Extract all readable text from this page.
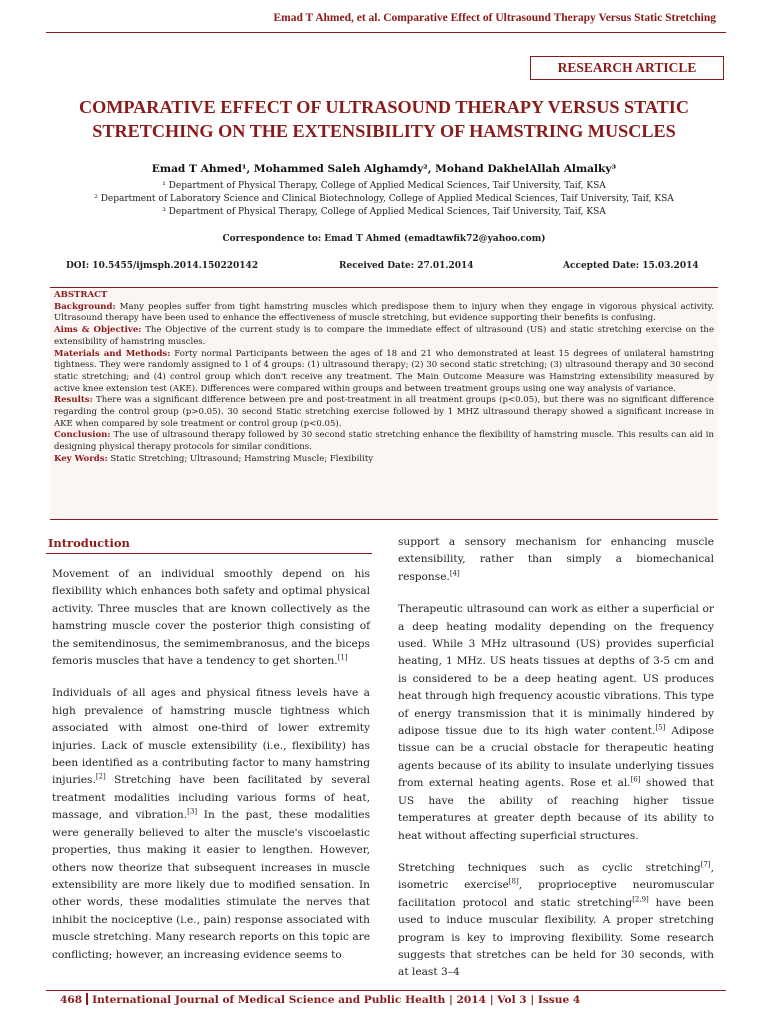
Emad T Ahmed, et al. Comparative Effect of Ultrasound Therapy Versus Static Stretching
RESEARCH ARTICLE
COMPARATIVE EFFECT OF ULTRASOUND THERAPY VERSUS STATIC
STRETCHING ON THE EXTENSIBILITY OF HAMSTRING MUSCLES
Emad T Ahmed¹, Mohammed Saleh Alghamdy², Mohand DakhelAllah Almalky³
¹ Department of Physical Therapy, College of Applied Medical Sciences, Taif University, Taif, KSA
² Department of Laboratory Science and Clinical Biotechnology, College of Applied Medical Sciences, Taif University, Taif, KSA
³ Department of Physical Therapy, College of Applied Medical Sciences, Taif University, Taif, KSA
Correspondence to: Emad T Ahmed (emadtawfik72@yahoo.com)
DOI: 10.5455/ijmsph.2014.150220142	Received Date: 27.01.2014	Accepted Date: 15.03.2014

ABSTRACT

Background: Many peoples suffer from tight hamstring muscles which predispose them to injury when they engage in vigorous physical activity. Ultrasound therapy have been used to enhance the effectiveness of muscle stretching, but evidence supporting their benefits is confusing.

Aims & Objective: The Objective of the current study is to compare the immediate effect of ultrasound (US) and static stretching exercise on the extensibility of hamstring muscles.

Materials and Methods: Forty normal Participants between the ages of 18 and 21 who demonstrated at least 15 degrees of unilateral hamstring tightness. They were randomly assigned to 1 of 4 groups: (1) ultrasound therapy; (2) 30 second static stretching; (3) ultrasound therapy and 30 second static stretching; and (4) control group which don't receive any treatment. The Main Outcome Measure was Hamstring extensibility measured by active knee extension test (AKE). Differences were compared within groups and between treatment groups using one way analysis of variance.

Results: There was a significant difference between pre and post-treatment in all treatment groups (p<0.05), but there was no significant difference regarding the control group (p>0.05). 30 second Static stretching exercise followed by 1 MHZ ultrasound therapy showed a significant increase in AKE when compared by sole treatment or control group (p<0.05).

Conclusion: The use of ultrasound therapy followed by 30 second static stretching enhance the flexibility of hamstring muscle. This results can aid in designing physical therapy protocols for similar conditions.

Key Words: Static Stretching; Ultrasound; Hamstring Muscle; Flexibility

Introduction

Movement of an individual smoothly depend on his flexibility which enhances both safety and optimal physical activity. Three muscles that are known collectively as the hamstring muscle cover the posterior thigh consisting of the semitendinosus, the semimembranosus, and the biceps femoris muscles that have a tendency to get shorten.[1]

Individuals of all ages and physical fitness levels have a high prevalence of hamstring muscle tightness which associated with almost one-third of lower extremity injuries. Lack of muscle extensibility (i.e., flexibility) has been identified as a contributing factor to many hamstring injuries.[2] Stretching have been facilitated by several treatment modalities including various forms of heat, massage, and vibration.[3] In the past, these modalities were generally believed to alter the muscle's viscoelastic properties, thus making it easier to lengthen. However, others now theorize that subsequent increases in muscle extensibility are more likely due to modified sensation. In other words, these modalities stimulate the nerves that inhibit the nociceptive (i.e., pain) response associated with muscle stretching. Many research reports on this topic are conflicting; however, an increasing evidence seems to

support a sensory mechanism for enhancing muscle extensibility, rather than simply a biomechanical response.[4]

Therapeutic ultrasound can work as either a superficial or a deep heating modality depending on the frequency used. While 3 MHz ultrasound (US) provides superficial heating, 1 MHz. US heats tissues at depths of 3-5 cm and is considered to be a deep heating agent. US produces heat through high frequency acoustic vibrations. This type of energy transmission that it is minimally hindered by adipose tissue due to its high water content.[5] Adipose tissue can be a crucial obstacle for therapeutic heating agents because of its ability to insulate underlying tissues from external heating agents. Rose et al.[6] showed that US have the ability of reaching higher tissue temperatures at greater depth because of its ability to heat without affecting superficial structures.

Stretching techniques such as cyclic stretching[7], isometric exercise[8], proprioceptive neuromuscular facilitation protocol and static stretching[2,9] have been used to induce muscular flexibility. A proper stretching program is key to improving flexibility. Some research suggests that stretches can be held for 30 seconds, with at least 3–4

468 International Journal of Medical Science and Public Health | 2014 | Vol 3 | Issue 4
